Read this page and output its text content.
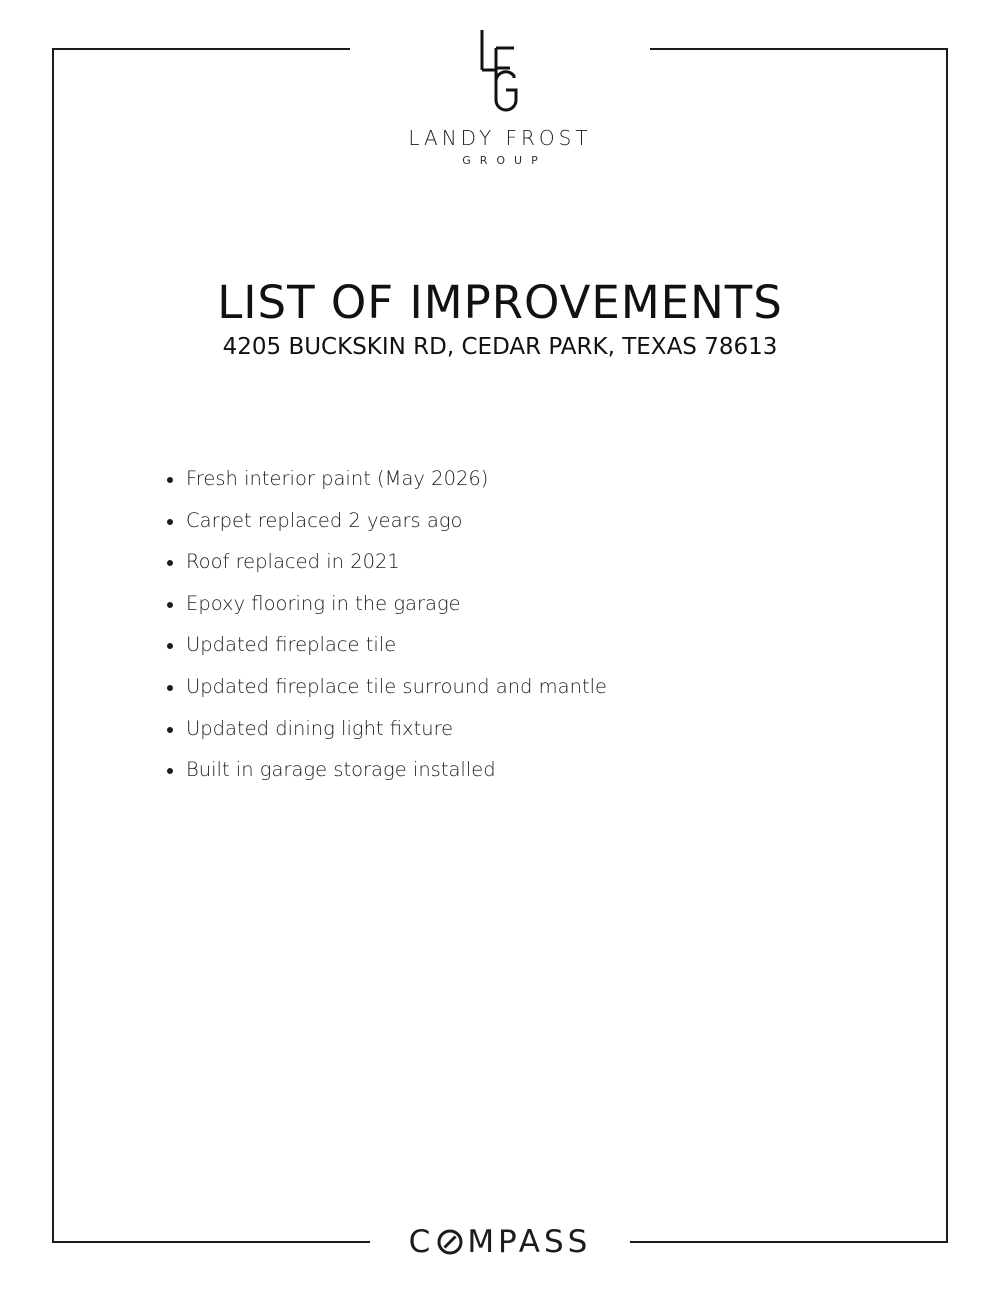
LANDY FROST
GROUP
LIST OF IMPROVEMENTS
4205 BUCKSKIN RD, CEDAR PARK, TEXAS 78613
Fresh interior paint (May 2026)
Carpet replaced 2 years ago
Roof replaced in 2021
Epoxy flooring in the garage
Updated fireplace tile
Updated fireplace tile surround and mantle
Updated dining light fixture
Built in garage storage installed
C MPASS
